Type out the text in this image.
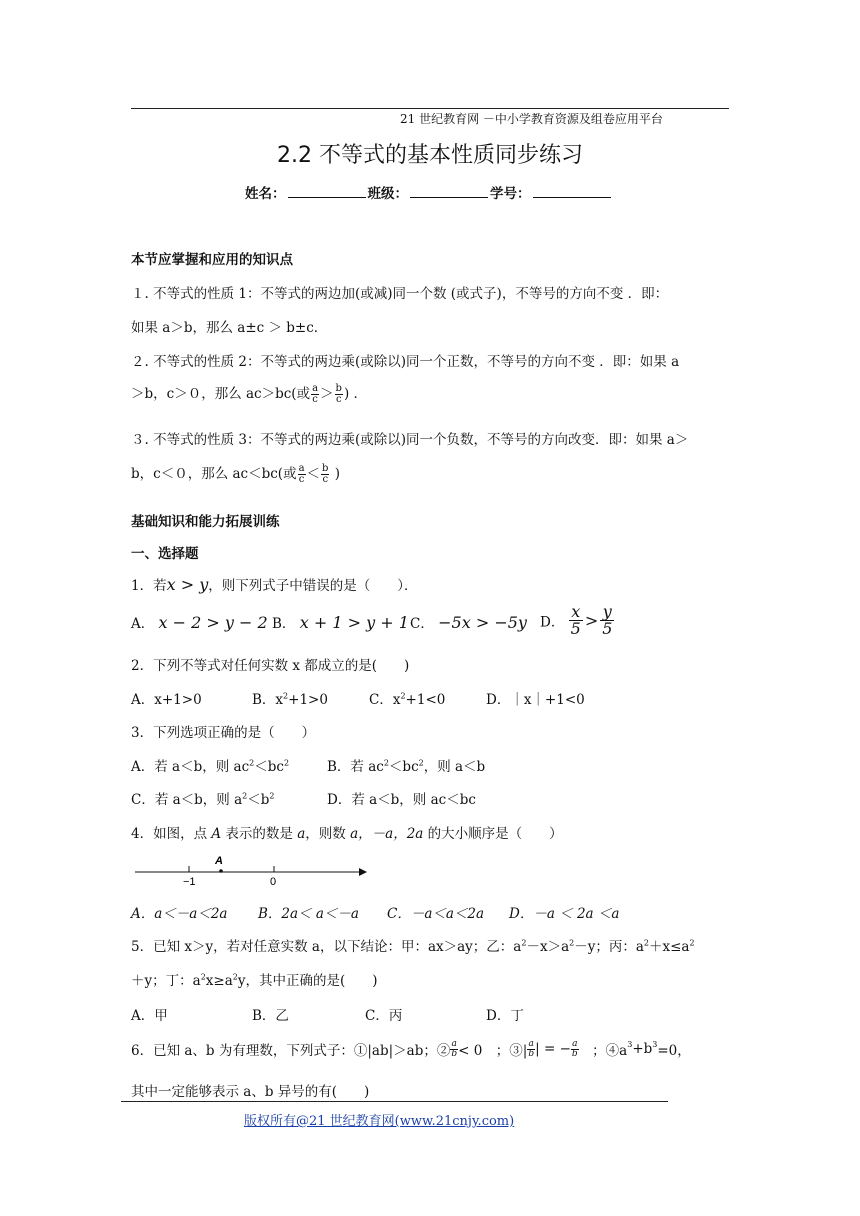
21 世纪教育网 －中小学教育资源及组卷应用平台
2.2 不等式的基本性质同步练习
姓名：	班级：	学号：
本节应掌握和应用的知识点
１. 不等式的性质 1：不等式的两边加(或减)同一个数 (或式子)，不等号的方向不变 ．即：
如果 a＞b，那么 a±c ＞ b±c．
２. 不等式的性质 2：不等式的两边乘(或除以)同一个正数，不等号的方向不变 ．即：如果 a
＞b，c＞０，那么 ac＞bc(或 $\frac{a}{c} > \frac{b}{c}$ ) ．
３. 不等式的性质 3：不等式的两边乘(或除以)同一个负数，不等号的方向改变．即：如果 a＞
b，c＜０，那么 ac＜bc(或 $\frac{a}{c} < \frac{b}{c}$ )
基础知识和能力拓展训练
一、选择题
1．若x > y，则下列式子中错误的是（　　）．
A． x − 2 > y − 2 B． x + 1 > y + 1 C． −5x > −5y D． $\frac{x}{5} > \frac{y}{5}$
2．下列不等式对任何实数 x 都成立的是(　　)
A．x+1>0	B．$x^2+1>0$	C．$x^2+1<0$	D．｜x｜+1<0
3．下列选项正确的是（　　）
A．若 a＜b，则 $ac^2<bc^2$	B．若 $ac^2<bc^2$，则 a＜b
C．若 a＜b，则 $a^2<b^2$	D．若 a＜b，则 ac＜bc
4．如图，点 A 表示的数是 a，则数 a，－a，2a 的大小顺序是（　　）
A
−1	0
A．a＜－a＜2a B．2a＜ a＜－a C．－a＜a＜2a D．－a ＜ 2a ＜a
5．已知 x＞y，若对任意实数 a，以下结论：甲：ax＞ay；乙：$a^2-x>a^2-y$；丙：$a^2+x\le a^2$
＋y；丁：$a^2x\ge a^2y$，其中正确的是(　　)
A．甲	B．乙	C．丙	D．丁
6．已知 a、b 为有理数，下列式子：①|ab|＞ab；② $\frac{a}{b} < 0$　；③| $\frac{a}{b}$ | = − $\frac{a}{b}$ 　；$④a^3+b^3=0$，
其中一定能够表示 a、b 异号的有(　　)
版权所有@21 世纪教育网(www.21cnjy.com)
